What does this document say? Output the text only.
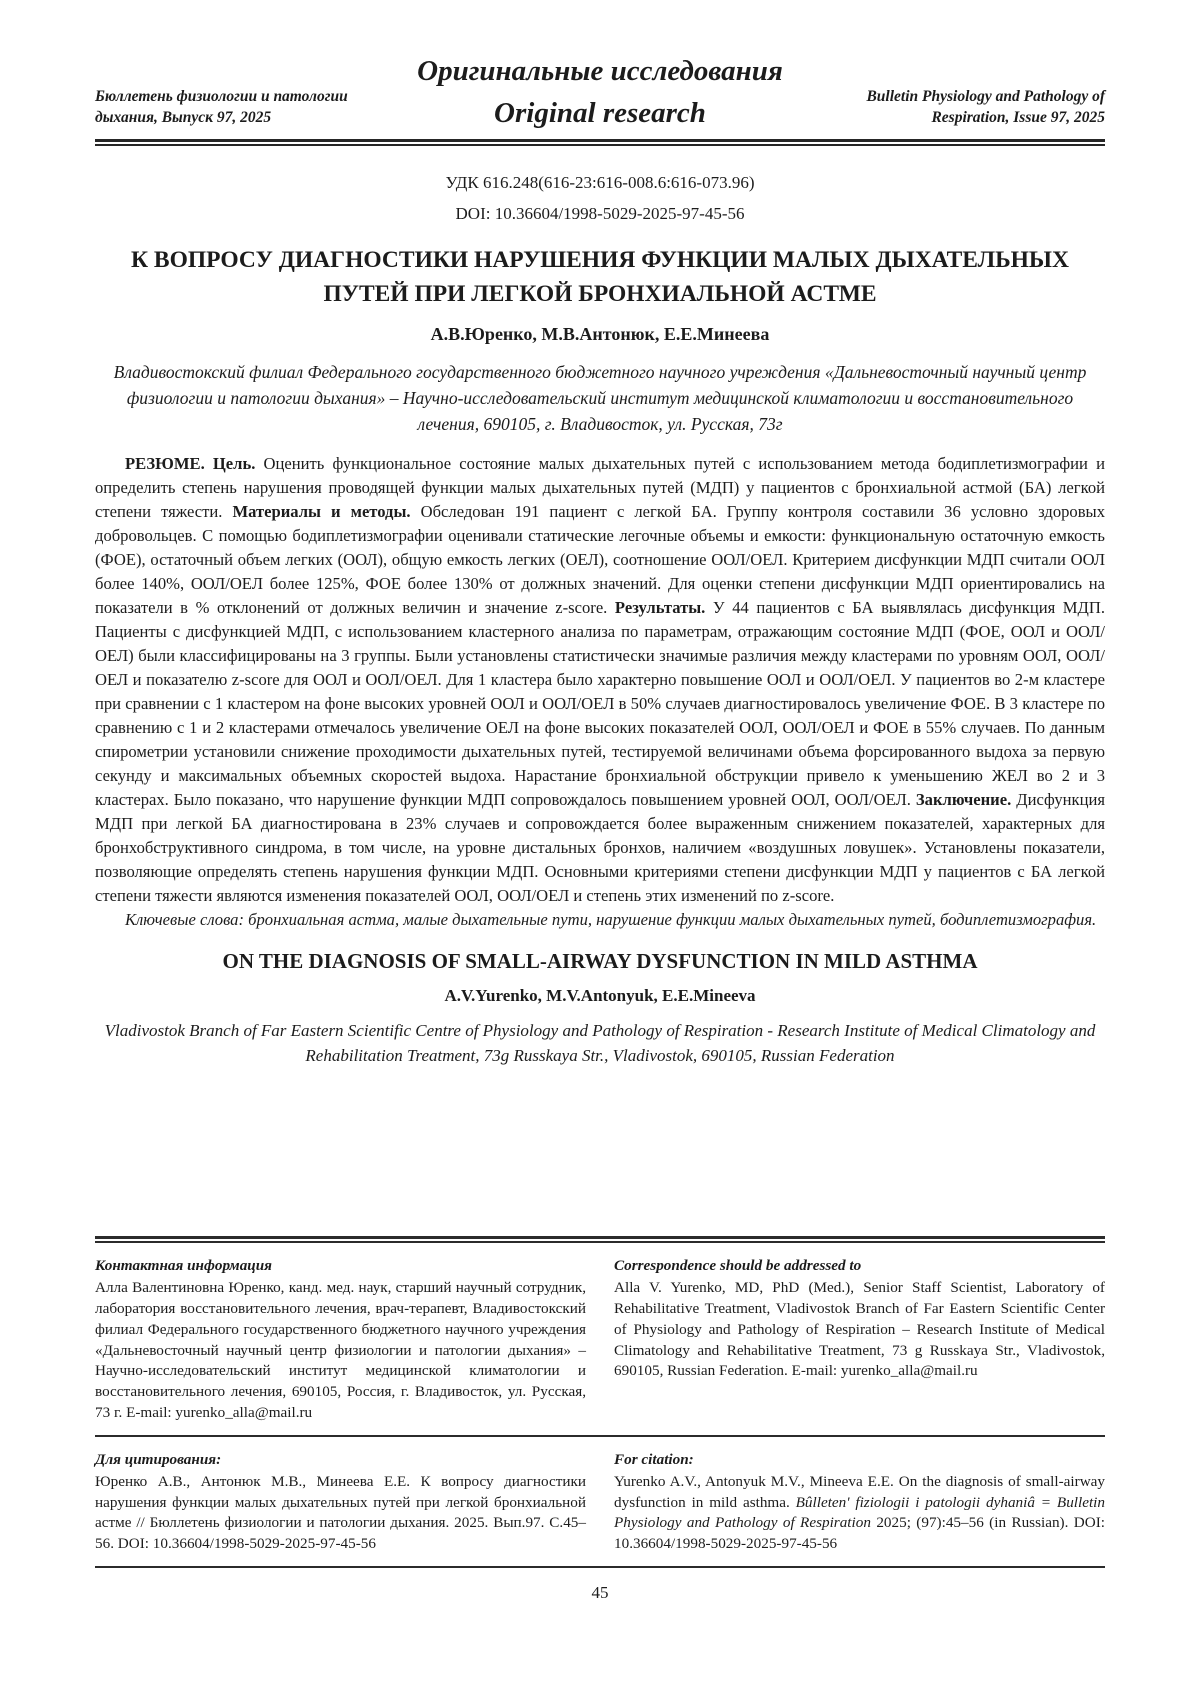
Бюллетень физиологии и патологии
дыхания, Выпуск 97, 2025
Оригинальные исследования
Original research
Bulletin Physiology and Pathology of
Respiration, Issue 97, 2025
УДК 616.248(616-23:616-008.6:616-073.96)
DOI: 10.36604/1998-5029-2025-97-45-56
К ВОПРОСУ ДИАГНОСТИКИ НАРУШЕНИЯ ФУНКЦИИ МАЛЫХ ДЫХАТЕЛЬНЫХ ПУТЕЙ ПРИ ЛЕГКОЙ БРОНХИАЛЬНОЙ АСТМЕ
А.В.Юренко, М.В.Антонюк, Е.Е.Минеева
Владивостокский филиал Федерального государственного бюджетного научного учреждения «Дальневосточный научный центр физиологии и патологии дыхания» – Научно-исследовательский институт медицинской климатологии и восстановительного лечения, 690105, г. Владивосток, ул. Русская, 73г

РЕЗЮМЕ. Цель. Оценить функциональное состояние малых дыхательных путей с использованием метода бодиплетизмографии и определить степень нарушения проводящей функции малых дыхательных путей (МДП) у пациентов с бронхиальной астмой (БА) легкой степени тяжести. Материалы и методы. Обследован 191 пациент с легкой БА. Группу контроля составили 36 условно здоровых добровольцев. С помощью бодиплетизмографии оценивали статические легочные объемы и емкости: функциональную остаточную емкость (ФОЕ), остаточный объем легких (ООЛ), общую емкость легких (ОЕЛ), соотношение ООЛ/ОЕЛ. Критерием дисфункции МДП считали ООЛ более 140%, ООЛ/ОЕЛ более 125%, ФОЕ более 130% от должных значений. Для оценки степени дисфункции МДП ориентировались на показатели в % отклонений от должных величин и значение z-score. Результаты. У 44 пациентов с БА выявлялась дисфункция МДП. Пациенты с дисфункцией МДП, с использованием кластерного анализа по параметрам, отражающим состояние МДП (ФОЕ, ООЛ и ООЛ/ОЕЛ) были классифицированы на 3 группы. Были установлены статистически значимые различия между кластерами по уровням ООЛ, ООЛ/ОЕЛ и показателю z-score для ООЛ и ООЛ/ОЕЛ. Для 1 кластера было характерно повышение ООЛ и ООЛ/ОЕЛ. У пациентов во 2-м кластере при сравнении с 1 кластером на фоне высоких уровней ООЛ и ООЛ/ОЕЛ в 50% случаев диагностировалось увеличение ФОЕ. В 3 кластере по сравнению с 1 и 2 кластерами отмечалось увеличение ОЕЛ на фоне высоких показателей ООЛ, ООЛ/ОЕЛ и ФОЕ в 55% случаев. По данным спирометрии установили снижение проходимости дыхательных путей, тестируемой величинами объема форсированного выдоха за первую секунду и максимальных объемных скоростей выдоха. Нарастание бронхиальной обструкции привело к уменьшению ЖЕЛ во 2 и 3 кластерах. Было показано, что нарушение функции МДП сопровождалось повышением уровней ООЛ, ООЛ/ОЕЛ. Заключение. Дисфункция МДП при легкой БА диагностирована в 23% случаев и сопровождается более выраженным снижением показателей, характерных для бронхобструктивного синдрома, в том числе, на уровне дистальных бронхов, наличием «воздушных ловушек». Установлены показатели, позволяющие определять степень нарушения функции МДП. Основными критериями степени дисфункции МДП у пациентов с БА легкой степени тяжести являются изменения показателей ООЛ, ООЛ/ОЕЛ и степень этих изменений по z-score.

Ключевые слова: бронхиальная астма, малые дыхательные пути, нарушение функции малых дыхательных путей, бодиплетизмография.

ON THE DIAGNOSIS OF SMALL-AIRWAY DYSFUNCTION IN MILD ASTHMA
A.V.Yurenko, M.V.Antonyuk, E.E.Mineeva
Vladivostok Branch of Far Eastern Scientific Centre of Physiology and Pathology of Respiration - Research Institute of Medical Climatology and Rehabilitation Treatment, 73g Russkaya Str., Vladivostok, 690105, Russian Federation
Контактная информация
Алла Валентиновна Юренко, канд. мед. наук, старший научный сотрудник, лаборатория восстановительного лечения, врач-терапевт, Владивостокский филиал Федерального государственного бюджетного научного учреждения «Дальневосточный научный центр физиологии и патологии дыхания» – Научно-исследовательский институт медицинской климатологии и восстановительного лечения, 690105, Россия, г. Владивосток, ул. Русская, 73 г. E-mail: yurenko_alla@mail.ru
Correspondence should be addressed to
Alla V. Yurenko, MD, PhD (Med.), Senior Staff Scientist, Laboratory of Rehabilitative Treatment, Vladivostok Branch of Far Eastern Scientific Center of Physiology and Pathology of Respiration – Research Institute of Medical Climatology and Rehabilitative Treatment, 73 g Russkaya Str., Vladivostok, 690105, Russian Federation. E-mail: yurenko_alla@mail.ru
Для цитирования:
Юренко А.В., Антонюк М.В., Минеева Е.Е. К вопросу диагностики нарушения функции малых дыхательных путей при легкой бронхиальной астме // Бюллетень физиологии и патологии дыхания. 2025. Вып.97. С.45–56. DOI: 10.36604/1998-5029-2025-97-45-56
For citation:
Yurenko A.V., Antonyuk M.V., Mineeva E.E. On the diagnosis of small-airway dysfunction in mild asthma. Bûlleten' fiziologii i patologii dyhaniâ = Bulletin Physiology and Pathology of Respiration 2025; (97):45–56 (in Russian). DOI: 10.36604/1998-5029-2025-97-45-56
45
